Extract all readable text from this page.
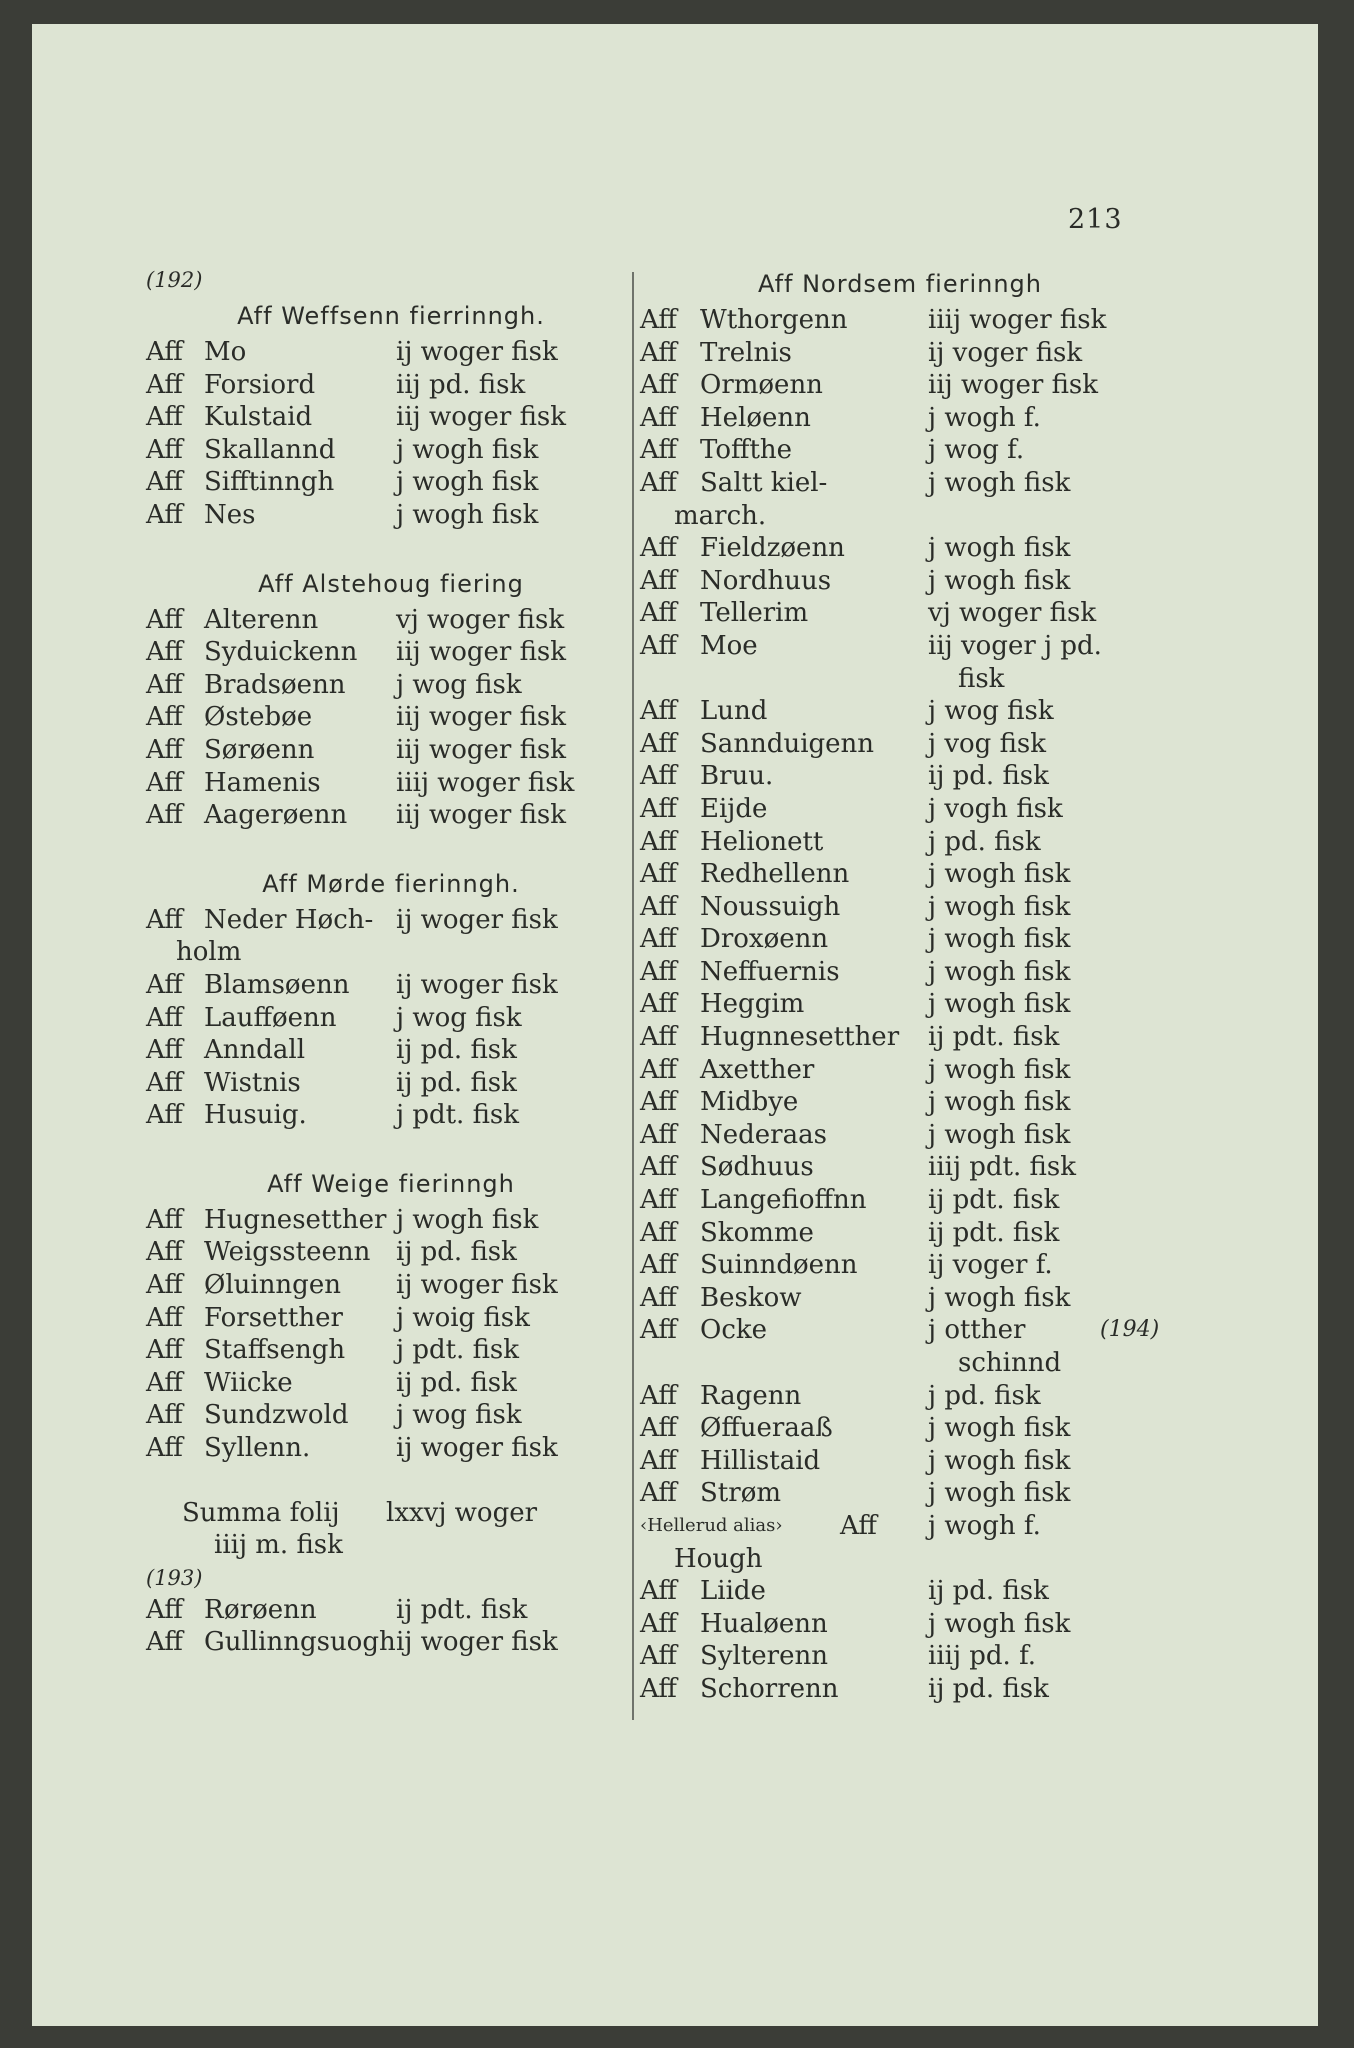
213
(192)
Aff Weffsenn fierrinngh.
Aff Mo	ij woger fisk
Aff Forsiord	iij pd. fisk
Aff Kulstaid	iij woger fisk
Aff Skallannd j wogh fisk
Aff Sifftinngh j wogh fisk
Aff Nes	j wogh fisk
Aff Alstehoug fiering
Aff Alterenn	vj woger fisk
Aff Syduickenn iij woger fisk
Aff Bradsøenn j wog fisk
Aff Østebøe	iij woger fisk
Aff Sørøenn	iij woger fisk
Aff Hamenis	iiij woger fisk
Aff Aagerøenn iij woger fisk
Aff Mørde fierinngh.
Aff Neder Høch- ij woger fisk
holm
Aff Blamsøenn ij woger fisk
Aff Laufføenn j wog fisk
Aff Anndall	ij pd. fisk
Aff Wistnis	ij pd. fisk
Aff Husuig.	j pdt. fisk
Aff Weige fierinngh
Aff Hugnesetther j wogh fisk
Aff Weigssteenn ij pd. fisk
Aff Øluinngen ij woger fisk
Aff Forsetther j woig fisk
Aff Staffsengh j pdt. fisk
Aff Wiicke	ij pd. fisk
Aff Sundzwold j wog fisk
Aff Syllenn.	ij woger fisk
Summa folij lxxvj woger
iiij m. fisk
(193)
Aff Rørøenn	ij pdt. fisk
Aff Gullinngsuogh ij woger fisk
Aff Nordsem fierinngh
Aff Wthorgenn	iiij woger fisk
Aff Trelnis	ij voger fisk
Aff Ormøenn	iij woger fisk
Aff Heløenn	j wogh f.
Aff Toffthe	j wog f.
Aff Saltt kiel-	j wogh fisk
march.
Aff Fieldzøenn	j wogh fisk
Aff Nordhuus	j wogh fisk
Aff Tellerim	vj woger fisk
Aff Moe	iij voger j pd.
fisk
Aff Lund	j wog fisk
Aff Sannduigenn j vog fisk
Aff Bruu.	ij pd. fisk
Aff Eijde	j vogh fisk
Aff Helionett	j pd. fisk
Aff Redhellenn	j wogh fisk
Aff Noussuigh	j wogh fisk
Aff Droxøenn	j wogh fisk
Aff Neffuernis	j wogh fisk
Aff Heggim	j wogh fisk
Aff Hugnnesetther ij pdt. fisk
Aff Axetther	j wogh fisk
Aff Midbye	j wogh fisk
Aff Nederaas	j wogh fisk
Aff Sødhuus	iiij pdt. fisk
Aff Langefioffnn ij pdt. fisk
Aff Skomme	ij pdt. fisk
Aff Suinndøenn	ij voger f.
Aff Beskow	j wogh fisk
Aff Ocke	j otther	(194)
schinnd
Aff Ragenn	j pd. fisk
Aff Øffueraaß	j wogh fisk
Aff Hillistaid	j wogh fisk
Aff Strøm	j wogh fisk
Aff
‹Hellerud alias›	j wogh f.
Hough
Aff Liide	ij pd. fisk
Aff Hualøenn	j wogh fisk
Aff Sylterenn	iiij pd. f.
Aff Schorrenn	ij pd. fisk
